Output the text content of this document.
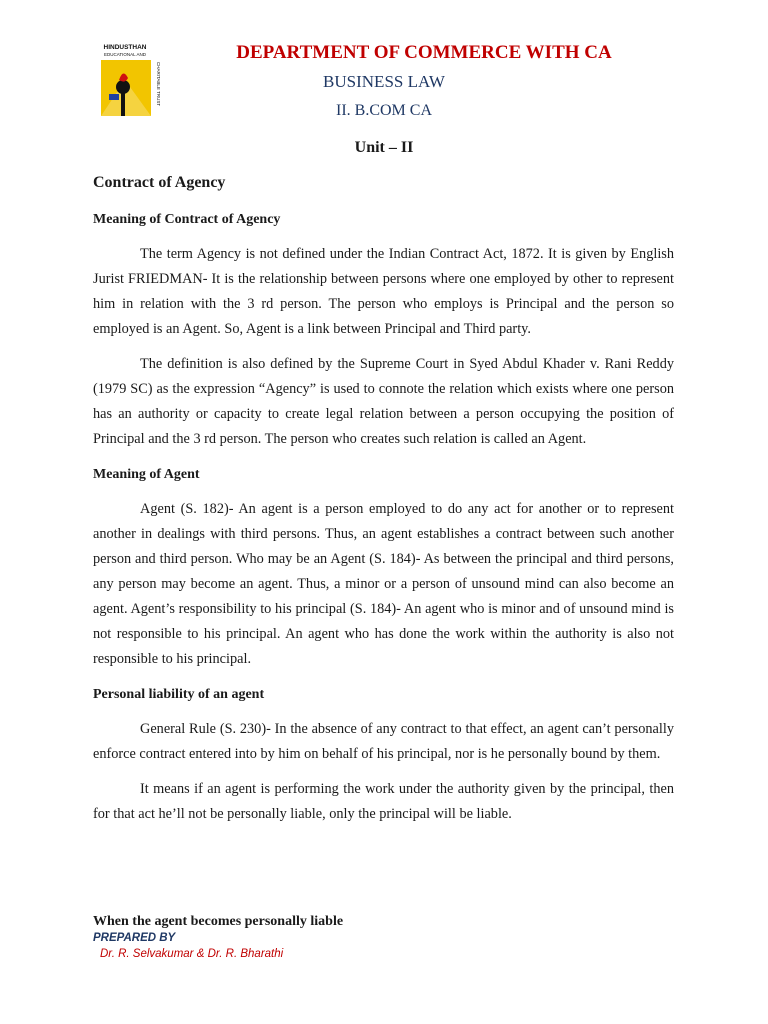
HINDUSTHAN
EDUCATIONAL AND
CHARITABLE TRUST
DEPARTMENT OF COMMERCE WITH CA
BUSINESS LAW
II. B.COM CA
Unit – II
Contract of Agency
Meaning of Contract of Agency

The term Agency is not defined under the Indian Contract Act, 1872. It is given by English Jurist FRIEDMAN- It is the relationship between persons where one employed by other to represent him in relation with the 3 rd person. The person who employs is Principal and the person so employed is an Agent. So, Agent is a link between Principal and Third party.

The definition is also defined by the Supreme Court in Syed Abdul Khader v. Rani Reddy (1979 SC) as the expression “Agency” is used to connote the relation which exists where one person has an authority or capacity to create legal relation between a person occupying the position of Principal and the 3 rd person. The person who creates such relation is called an Agent.

Meaning of Agent

Agent (S. 182)- An agent is a person employed to do any act for another or to represent another in dealings with third persons. Thus, an agent establishes a contract between such another person and third person. Who may be an Agent (S. 184)- As between the principal and third persons, any person may become an agent. Thus, a minor or a person of unsound mind can also become an agent. Agent’s responsibility to his principal (S. 184)- An agent who is minor and of unsound mind is not responsible to his principal. An agent who has done the work within the authority is also not responsible to his principal.

Personal liability of an agent

General Rule (S. 230)- In the absence of any contract to that effect, an agent can’t personally enforce contract entered into by him on behalf of his principal, nor is he personally bound by them.

It means if an agent is performing the work under the authority given by the principal, then for that act he’ll not be personally liable, only the principal will be liable.

When the agent becomes personally liable
PREPARED BY
Dr. R. Selvakumar & Dr. R. Bharathi
